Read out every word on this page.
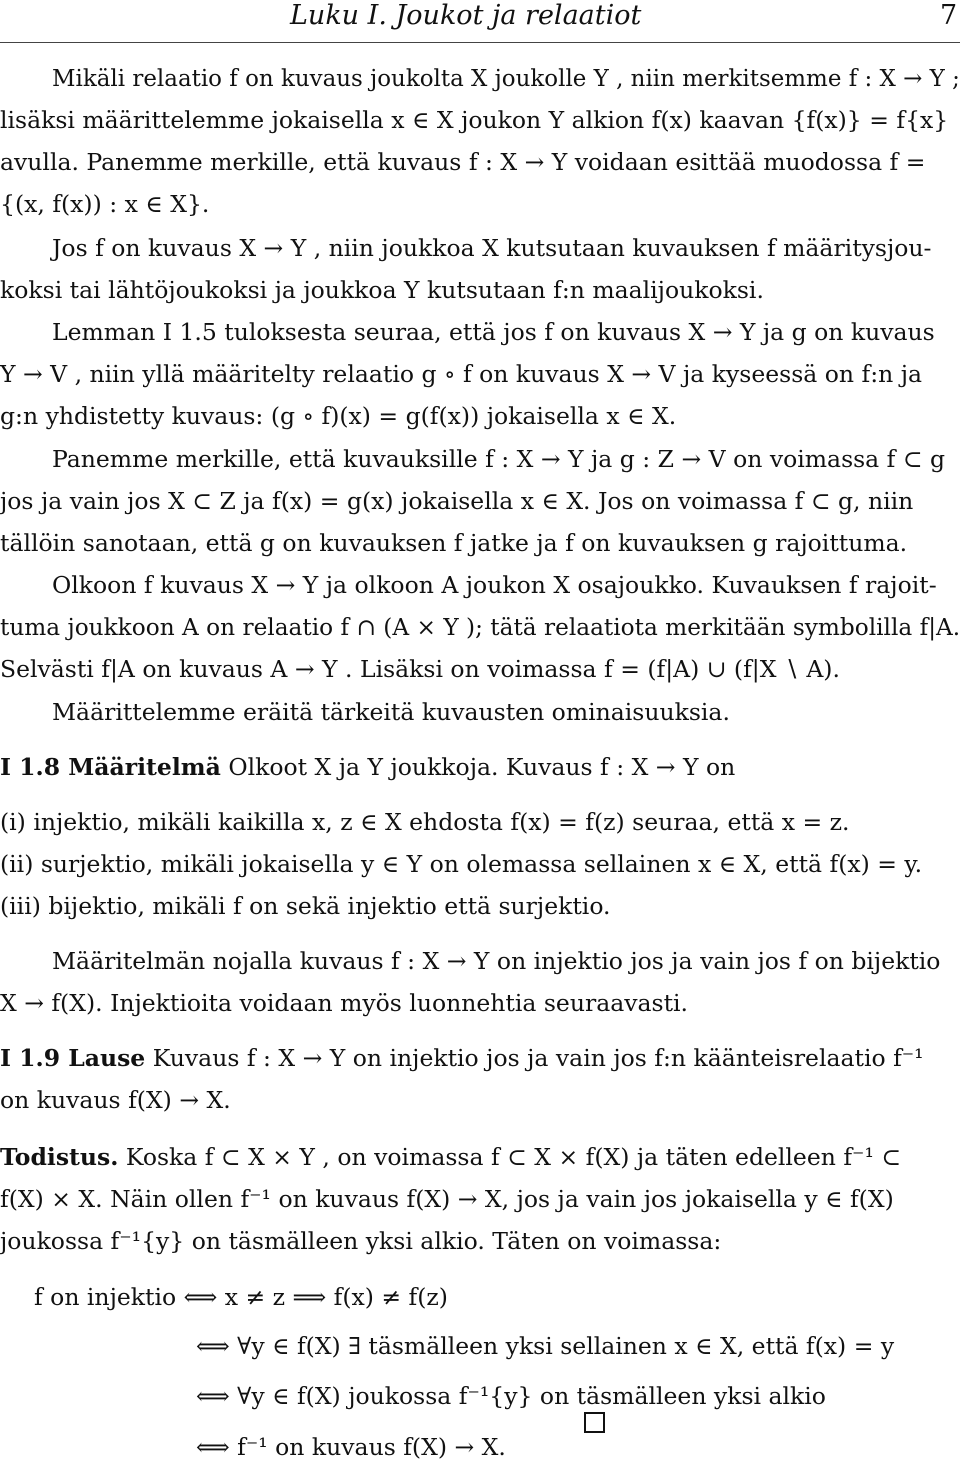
Luku I. Joukot ja relaatiot	7
Mikäli relaatio f on kuvaus joukolta X joukolle Y , niin merkitsemme f : X → Y ;
lisäksi määrittelemme jokaisella x ∈ X joukon Y alkion f(x) kaavan {f(x)} = f{x}
avulla. Panemme merkille, että kuvaus f : X → Y voidaan esittää muodossa f =
{(x, f(x)) : x ∈ X}.
Jos f on kuvaus X → Y , niin joukkoa X kutsutaan kuvauksen f määritysjou-
koksi tai lähtöjoukoksi ja joukkoa Y kutsutaan f:n maalijoukoksi.
Lemman I 1.5 tuloksesta seuraa, että jos f on kuvaus X → Y ja g on kuvaus
Y → V , niin yllä määritelty relaatio g ∘ f on kuvaus X → V ja kyseessä on f:n ja
g:n yhdistetty kuvaus: (g ∘ f)(x) = g(f(x)) jokaisella x ∈ X.
Panemme merkille, että kuvauksille f : X → Y ja g : Z → V on voimassa f ⊂ g
jos ja vain jos X ⊂ Z ja f(x) = g(x) jokaisella x ∈ X. Jos on voimassa f ⊂ g, niin
tällöin sanotaan, että g on kuvauksen f jatke ja f on kuvauksen g rajoittuma.
Olkoon f kuvaus X → Y ja olkoon A joukon X osajoukko. Kuvauksen f rajoit-
tuma joukkoon A on relaatio f ∩ (A × Y ); tätä relaatiota merkitään symbolilla f|A.
Selvästi f|A on kuvaus A → Y . Lisäksi on voimassa f = (f|A) ∪ (f|X ∖ A).
Määrittelemme eräitä tärkeitä kuvausten ominaisuuksia.
I 1.8 Määritelmä Olkoot X ja Y joukkoja. Kuvaus f : X → Y on
(i) injektio, mikäli kaikilla x, z ∈ X ehdosta f(x) = f(z) seuraa, että x = z.
(ii) surjektio, mikäli jokaisella y ∈ Y on olemassa sellainen x ∈ X, että f(x) = y.
(iii) bijektio, mikäli f on sekä injektio että surjektio.
Määritelmän nojalla kuvaus f : X → Y on injektio jos ja vain jos f on bijektio
X → f(X). Injektioita voidaan myös luonnehtia seuraavasti.
I 1.9 Lause Kuvaus f : X → Y on injektio jos ja vain jos f:n käänteisrelaatio f⁻¹
on kuvaus f(X) → X.
Todistus. Koska f ⊂ X × Y , on voimassa f ⊂ X × f(X) ja täten edelleen f⁻¹ ⊂
f(X) × X. Näin ollen f⁻¹ on kuvaus f(X) → X, jos ja vain jos jokaisella y ∈ f(X)
joukossa f⁻¹{y} on täsmälleen yksi alkio. Täten on voimassa:
f on injektio ⟺ x ≠ z ⟹ f(x) ≠ f(z)
⟺ ∀y ∈ f(X) ∃ täsmälleen yksi sellainen x ∈ X, että f(x) = y
⟺ ∀y ∈ f(X) joukossa f⁻¹{y} on täsmälleen yksi alkio
⟺ f⁻¹ on kuvaus f(X) → X.
